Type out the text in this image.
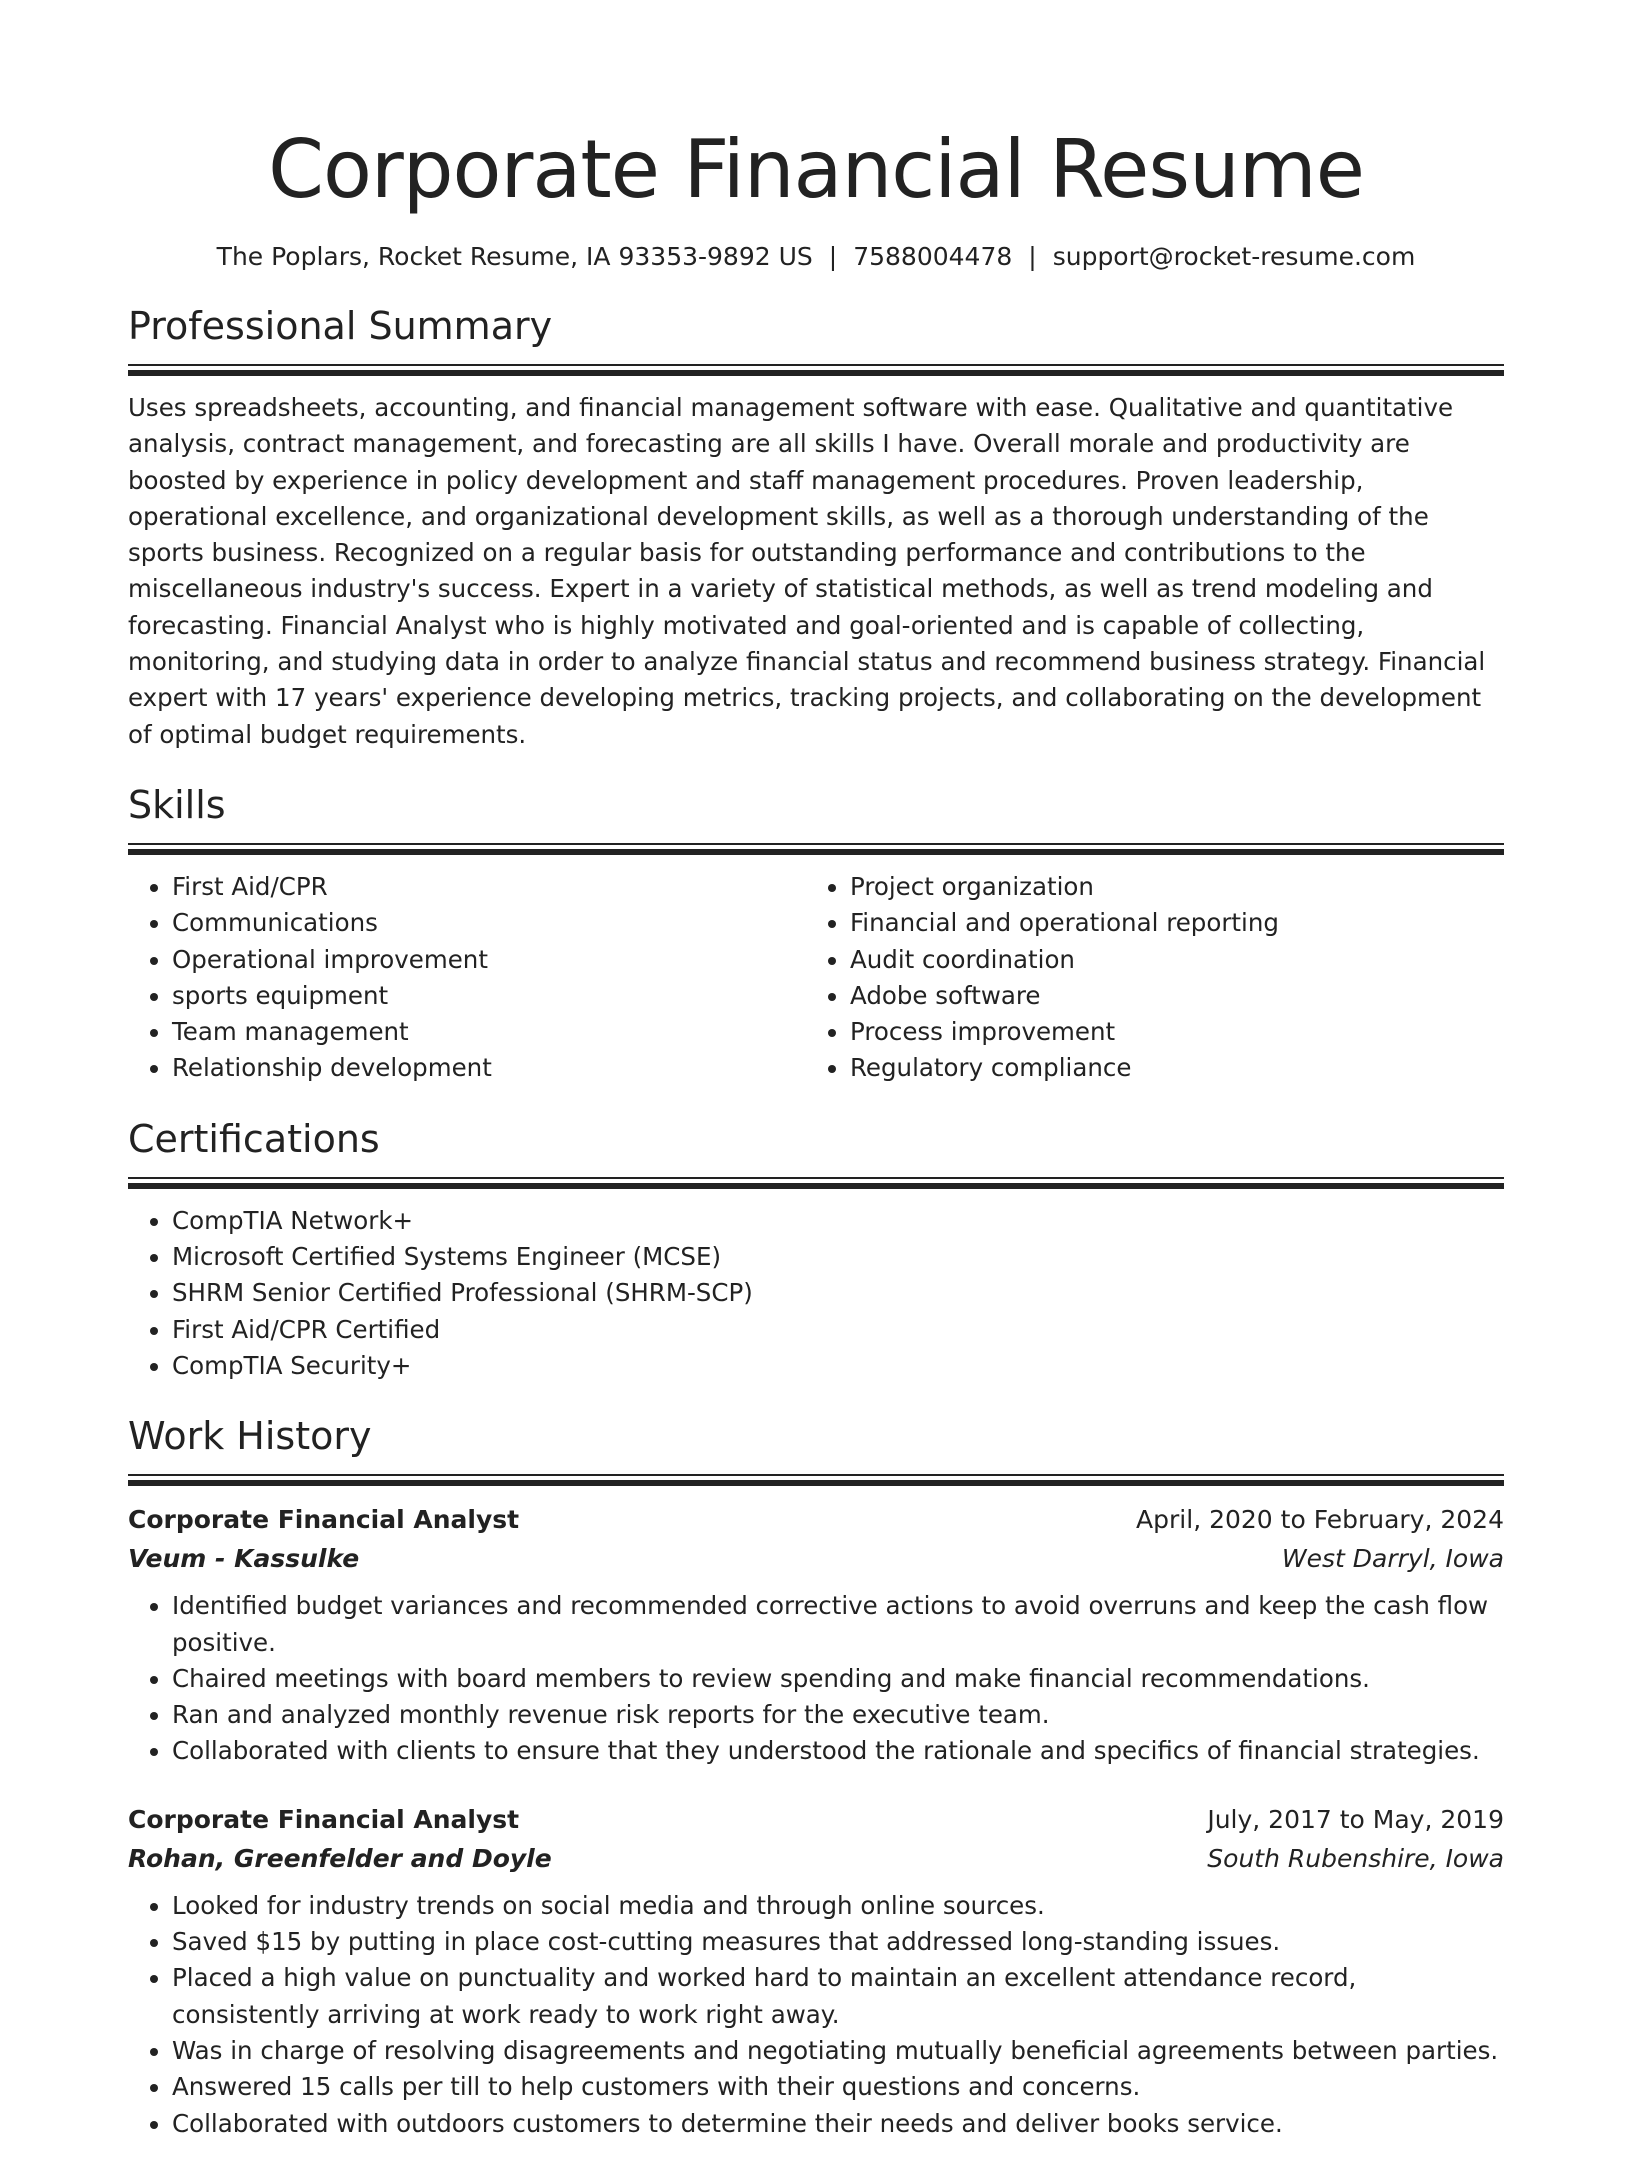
Corporate Financial Resume
The Poplars, Rocket Resume, IA 93353-9892 US | 7588004478 | support@rocket-resume.com
Professional Summary

Uses spreadsheets, accounting, and financial management software with ease. Qualitative and quantitative analysis, contract management, and forecasting are all skills I have. Overall morale and productivity are boosted by experience in policy development and staff management procedures. Proven leadership, operational excellence, and organizational development skills, as well as a thorough understanding of the sports business. Recognized on a regular basis for outstanding performance and contributions to the miscellaneous industry's success. Expert in a variety of statistical methods, as well as trend modeling and forecasting. Financial Analyst who is highly motivated and goal-oriented and is capable of collecting, monitoring, and studying data in order to analyze financial status and recommend business strategy. Financial expert with 17 years' experience developing metrics, tracking projects, and collaborating on the development of optimal budget requirements.

Skills
• First Aid/CPR
• Communications
• Operational improvement
• sports equipment
• Team management
• Relationship development
• Project organization
• Financial and operational reporting
• Audit coordination
• Adobe software
• Process improvement
• Regulatory compliance
Certifications
• CompTIA Network+
• Microsoft Certified Systems Engineer (MCSE)
• SHRM Senior Certified Professional (SHRM-SCP)
• First Aid/CPR Certified
• CompTIA Security+
Work History
Corporate Financial Analyst	April, 2020 to February, 2024
Veum - Kassulke	West Darryl, Iowa
• Identified budget variances and recommended corrective actions to avoid overruns and keep the cash flow positive.
• Chaired meetings with board members to review spending and make financial recommendations.
• Ran and analyzed monthly revenue risk reports for the executive team.
• Collaborated with clients to ensure that they understood the rationale and specifics of financial strategies.
Corporate Financial Analyst	July, 2017 to May, 2019
Rohan, Greenfelder and Doyle	South Rubenshire, Iowa
• Looked for industry trends on social media and through online sources.
• Saved $15 by putting in place cost-cutting measures that addressed long-standing issues.
• Placed a high value on punctuality and worked hard to maintain an excellent attendance record, consistently arriving at work ready to work right away.
• Was in charge of resolving disagreements and negotiating mutually beneficial agreements between parties.
• Answered 15 calls per till to help customers with their questions and concerns.
• Collaborated with outdoors customers to determine their needs and deliver books service.
